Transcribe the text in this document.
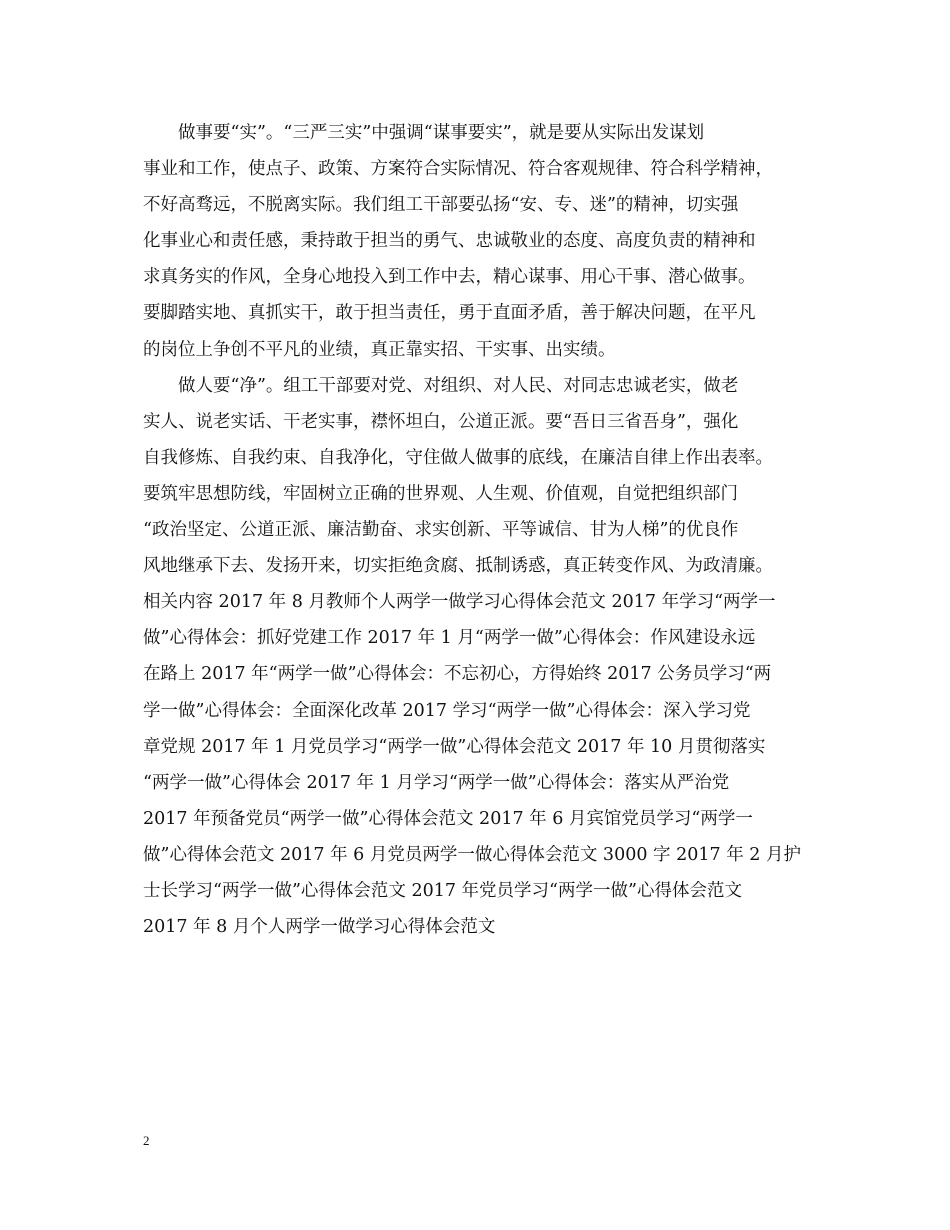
做事要“实”。“三严三实”中强调“谋事要实”，就是要从实际出发谋划
事业和工作，使点子、政策、方案符合实际情况、符合客观规律、符合科学精神，
不好高骛远，不脱离实际。我们组工干部要弘扬“安、专、迷”的精神，切实强
化事业心和责任感，秉持敢于担当的勇气、忠诚敬业的态度、高度负责的精神和
求真务实的作风，全身心地投入到工作中去，精心谋事、用心干事、潜心做事。
要脚踏实地、真抓实干，敢于担当责任，勇于直面矛盾，善于解决问题，在平凡
的岗位上争创不平凡的业绩，真正靠实招、干实事、出实绩。
做人要“净”。组工干部要对党、对组织、对人民、对同志忠诚老实，做老
实人、说老实话、干老实事，襟怀坦白，公道正派。要“吾日三省吾身”，强化
自我修炼、自我约束、自我净化，守住做人做事的底线，在廉洁自律上作出表率。
要筑牢思想防线，牢固树立正确的世界观、人生观、价值观，自觉把组织部门
“政治坚定、公道正派、廉洁勤奋、求实创新、平等诚信、甘为人梯”的优良作
风地继承下去、发扬开来，切实拒绝贪腐、抵制诱惑，真正转变作风、为政清廉。
相关内容 2017 年 8 月教师个人两学一做学习心得体会范文 2017 年学习“两学一
做”心得体会：抓好党建工作 2017 年 1 月“两学一做”心得体会：作风建设永远
在路上 2017 年“两学一做”心得体会：不忘初心，方得始终 2017 公务员学习“两
学一做”心得体会：全面深化改革 2017 学习“两学一做”心得体会：深入学习党
章党规 2017 年 1 月党员学习“两学一做”心得体会范文 2017 年 10 月贯彻落实
“两学一做”心得体会 2017 年 1 月学习“两学一做”心得体会：落实从严治党
2017 年预备党员“两学一做”心得体会范文 2017 年 6 月宾馆党员学习“两学一
做”心得体会范文 2017 年 6 月党员两学一做心得体会范文 3000 字 2017 年 2 月护
士长学习“两学一做”心得体会范文 2017 年党员学习“两学一做”心得体会范文
2017 年 8 月个人两学一做学习心得体会范文
2
